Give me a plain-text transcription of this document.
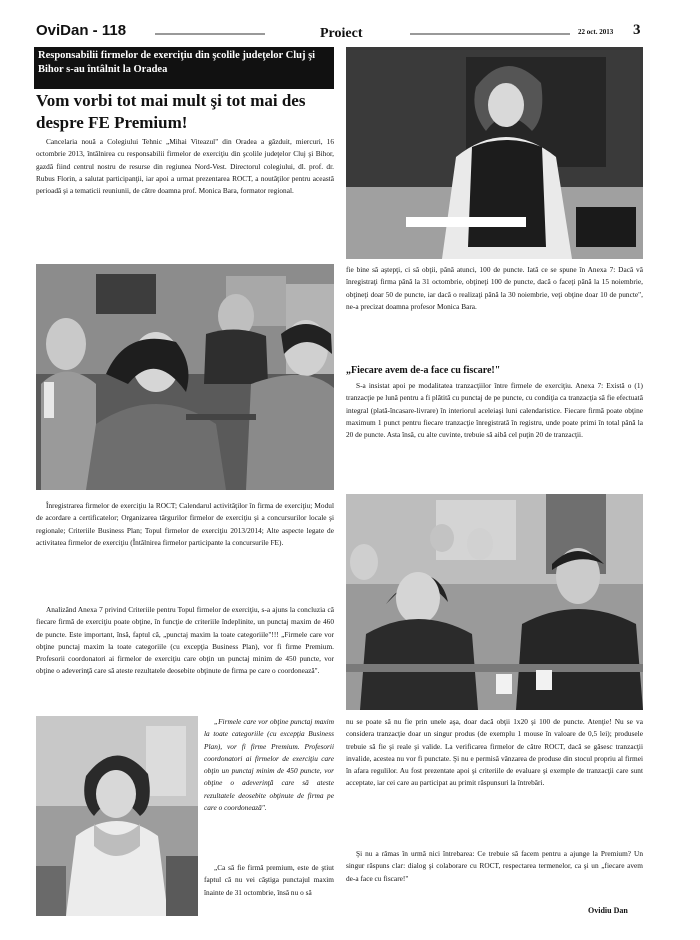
OviDan - 118	Proiect	22 oct. 2013 3
Responsabilii firmelor de exerciţiu din şcolile judeţelor Cluj şi Bihor s-au întâlnit la Oradea
Vom vorbi tot mai mult şi tot mai des despre FE Premium!

Cancelaria nouă a Colegiului Tehnic „Mihai Viteazul" din Oradea a găzduit, miercuri, 16 octombrie 2013, întâlnirea cu responsabilii firmelor de exerciţiu din şcolile judeţelor Cluj şi Bihor, gazdă fiind centrul nostru de resurse din regiunea Nord-Vest. Directorul colegiului, dl. prof. dr. Rubus Florin, a salutat participanţii, iar apoi a urmat prezentarea ROCT, a noutăţilor pentru această perioadă şi a tematicii reuniunii, de către doamna prof. Monica Bara, formator regional.

Înregistrarea firmelor de exerciţiu la ROCT; Calendarul activităţilor în firma de exerciţiu; Modul de acordare a certificatelor; Organizarea târgurilor firmelor de exerciţiu şi a concursurilor locale şi regionale; Criteriile Business Plan; Topul firmelor de exerciţiu 2013/2014; Alte aspecte legate de activitatea firmelor de exerciţiu (Întâlnirea firmelor participante la concursurile FE).

Analizând Anexa 7 privind Criteriile pentru Topul firmelor de exerciţiu, s-a ajuns la concluzia că fiecare firmă de exerciţiu poate obţine, în funcţie de criteriile îndeplinite, un punctaj maxim de 460 de puncte. Este important, însă, faptul că, „punctaj maxim la toate categoriile"!!! „Firmele care vor obţine punctaj maxim la toate categoriile (cu excepţia Business Plan), vor fi firme Premium. Profesorii coordonatori ai firmelor de exerciţiu care obţin un punctaj minim de 450 puncte, vor obţine o adeverinţă care să ateste rezultatele deosebite obţinute de firma pe care o coordonează".

„Firmele care vor obţine punctaj maxim la toate categoriile (cu excepţia Business Plan), vor fi firme Premium. Profesorii coordonatori ai firmelor de exerciţiu care obţin un punctaj minim de 450 puncte, vor obţine o adeverinţă care să ateste rezultatele deosebite obţinute de firma pe care o coordonează".

„Ca să fie firmă premium, este de ştiut faptul că nu vei câştiga punctajul maxim înainte de 31 octombrie, însă nu o să

fie bine să aştepţi, ci să obţii, până atunci, 100 de puncte. Iată ce se spune în Anexa 7: Dacă vă înregistraţi firma până la 31 octombrie, obţineţi 100 de puncte, dacă o faceţi până la 15 noiembrie, obţineţi doar 50 de puncte, iar dacă o realizaţi până la 30 noiembrie, veţi obţine doar 10 de puncte", ne-a precizat doamna profesor Monica Bara.

„Fiecare avem de-a face cu fiscare!"

S-a insistat apoi pe modalitatea tranzacţiilor între firmele de exerciţiu. Anexa 7: Există o (1) tranzacţie pe lună pentru a fi plătită cu punctaj de pe puncte, cu condiţia ca tranzacţia să fie efectuată integral (plată-încasare-livrare) în interiorul aceleiaşi luni calendaristice. Fiecare firmă poate obţine maximum 1 punct pentru fiecare tranzacţie înregistrată în registru, unde poate primi în total până la 20 de puncte. Asta însă, cu alte cuvinte, trebuie să aibă cel puţin 20 de tranzacţii.

nu se poate să nu fie prin unele aşa, doar dacă obţii 1x20 şi 100 de puncte. Atenţie! Nu se va considera tranzacţie doar un singur produs (de exemplu 1 mouse în valoare de 0,5 lei); produsele trebuie să fie şi reale şi valide. La verificarea firmelor de către ROCT, dacă se găsesc tranzacţii invalide, acestea nu vor fi punctate. Şi nu e permisă vânzarea de produse din stocul propriu al firmei în afara regulilor. Au fost prezentate apoi şi criteriile de evaluare şi exemple de tranzacţii care sunt acceptate, iar cei care au participat au primit răspunsuri la întrebări.

Şi nu a rămas în urmă nici întrebarea: Ce trebuie să facem pentru a ajunge la Premium? Un singur răspuns clar: dialog şi colaborare cu ROCT, respectarea termenelor, ca şi un „fiecare avem de-a face cu fiscare!"

Ovidiu Dan
